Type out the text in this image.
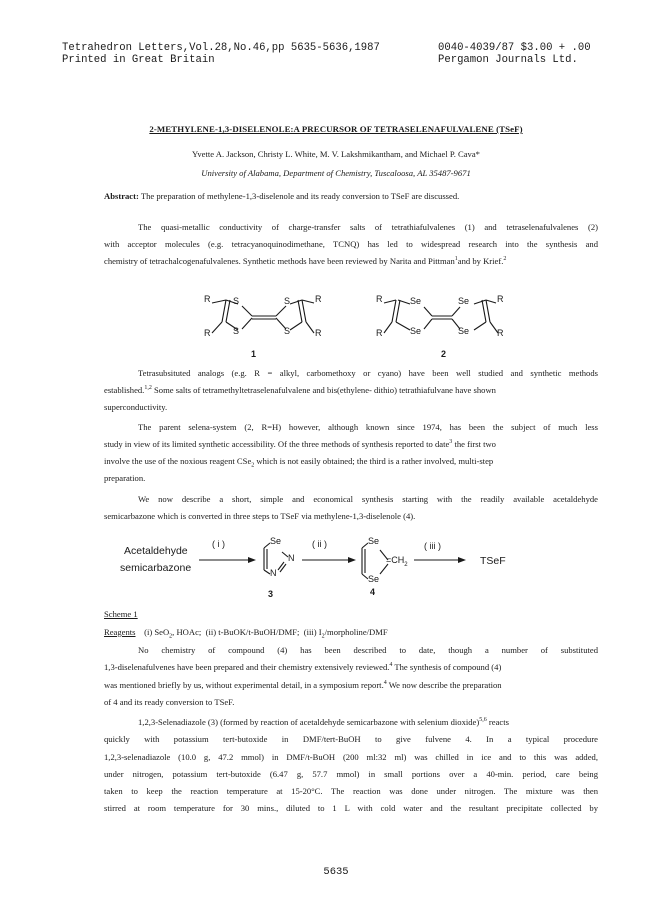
Tetrahedron Letters,Vol.28,No.46,pp 5635-5636,1987
Printed in Great Britain
0040-4039/87 $3.00 + .00
Pergamon Journals Ltd.
2-METHYLENE-1,3-DISELENOLE:A PRECURSOR OF TETRASELENAFULVALENE (TSeF)
Yvette A. Jackson, Christy L. White, M. V. Lakshmikantham, and Michael P. Cava*
University of Alabama, Department of Chemistry, Tuscaloosa, AL 35487-9671
Abstract: The preparation of methylene-1,3-diselenole and its ready conversion to TSeF are discussed.
The quasi-metallic conductivity of charge-transfer salts of tetrathiafulvalenes (1) and tetraselenafulvalenes (2)
with acceptor molecules (e.g. tetracyanoquinodimethane, TCNQ) has led to widespread research into the synthesis and
chemistry of tetrachalcogenafulvalenes. Synthetic methods have been reviewed by Narita and Pittman$^1$and by Krief.$^2$
R
R
S
S
S
S
R
R
1
R
R
Se
Se
Se
Se
R
R
2
Tetrasubsituted analogs (e.g. R = alkyl, carbomethoxy or cyano) have been well studied and synthetic methods
established.$^{1,2}$ Some salts of tetramethyltetraselenafulvalene and bis(ethylene- dithio) tetrathiafulvane have shown
superconductivity.
The parent selena-system (2, R=H) however, although known since 1974, has been the subject of much less
study in view of its limited synthetic accessibility. Of the three methods of synthesis reported to date$^3$ the first two
involve the use of the noxious reagent CSe$_2$ which is not easily obtained; the third is a rather involved, multi-step
preparation.
We now describe a short, simple and economical synthesis starting with the readily available acetaldehyde
semicarbazone which is converted in three steps to TSeF via methylene-1,3-diselenole (4).
Acetaldehyde
semicarbazone
( i )	( ii )	( iii )
TSeF
Se
N
N
Se
Se
$=CH_2$
3	4
Scheme 1
Reagents (i) SeO$_2$, HOAc; (ii) t-BuOK/t-BuOH/DMF; (iii) $I_2/morpholine$/DMF
No chemistry of compound (4) has been described to date, though a number of substituted
1,3-diselenafulvenes have been prepared and their chemistry extensively reviewed.$^4$ The synthesis of compound (4)
was mentioned briefly by us, without experimental detail, in a symposium report.$^4$ We now describe the preparation
of 4 and its ready conversion to TSeF.
1,2,3-Selenadiazole (3) (formed by reaction of acetaldehyde semicarbazone with selenium dioxide)$^{5,6}$ reacts
quickly with potassium tert-butoxide in DMF/tert-BuOH to give fulvene 4. In a typical procedure
1,2,3-selenadiazole (10.0 g, 47.2 mmol) in DMF/t-BuOH (200 ml:32 ml) was chilled in ice and to this was added,
under nitrogen, potassium tert-butoxide (6.47 g, 57.7 mmol) in small portions over a 40-min. period, care being
taken to keep the reaction temperature at 15-20°C. The reaction was done under nitrogen. The mixture was then
stirred at room temperature for 30 mins., diluted to 1 L with cold water and the resultant precipitate collected by
5635
